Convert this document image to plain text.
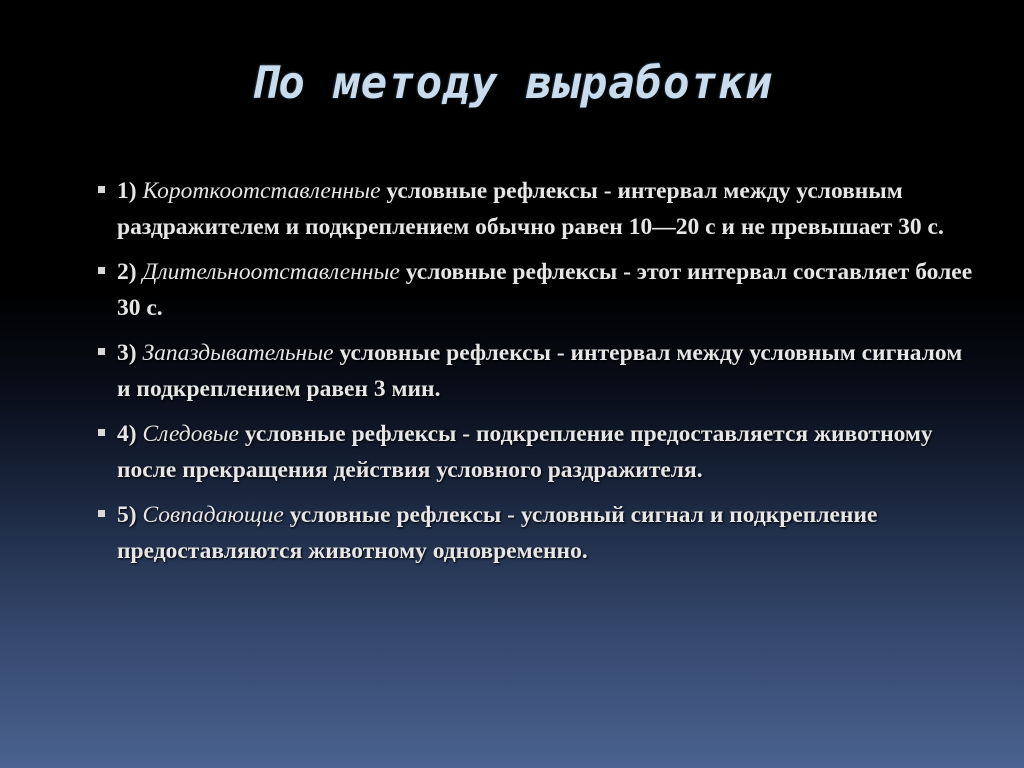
По методу выработки
1) Короткоотставленные условные рефлексы - интервал между условным раздражителем и подкреплением обычно равен 10—20 с и не превышает 30 с.
2) Длительноотставленные условные рефлексы - этот интервал составляет более 30 с.
3) Запаздывательные условные рефлексы - интервал между условным сигналом и подкреплением равен 3 мин.
4) Следовые условные рефлексы - подкрепление предоставляется животному после прекращения действия условного раздражителя.
5) Совпадающие условные рефлексы - условный сигнал и подкрепление предоставляются животному одновременно.
